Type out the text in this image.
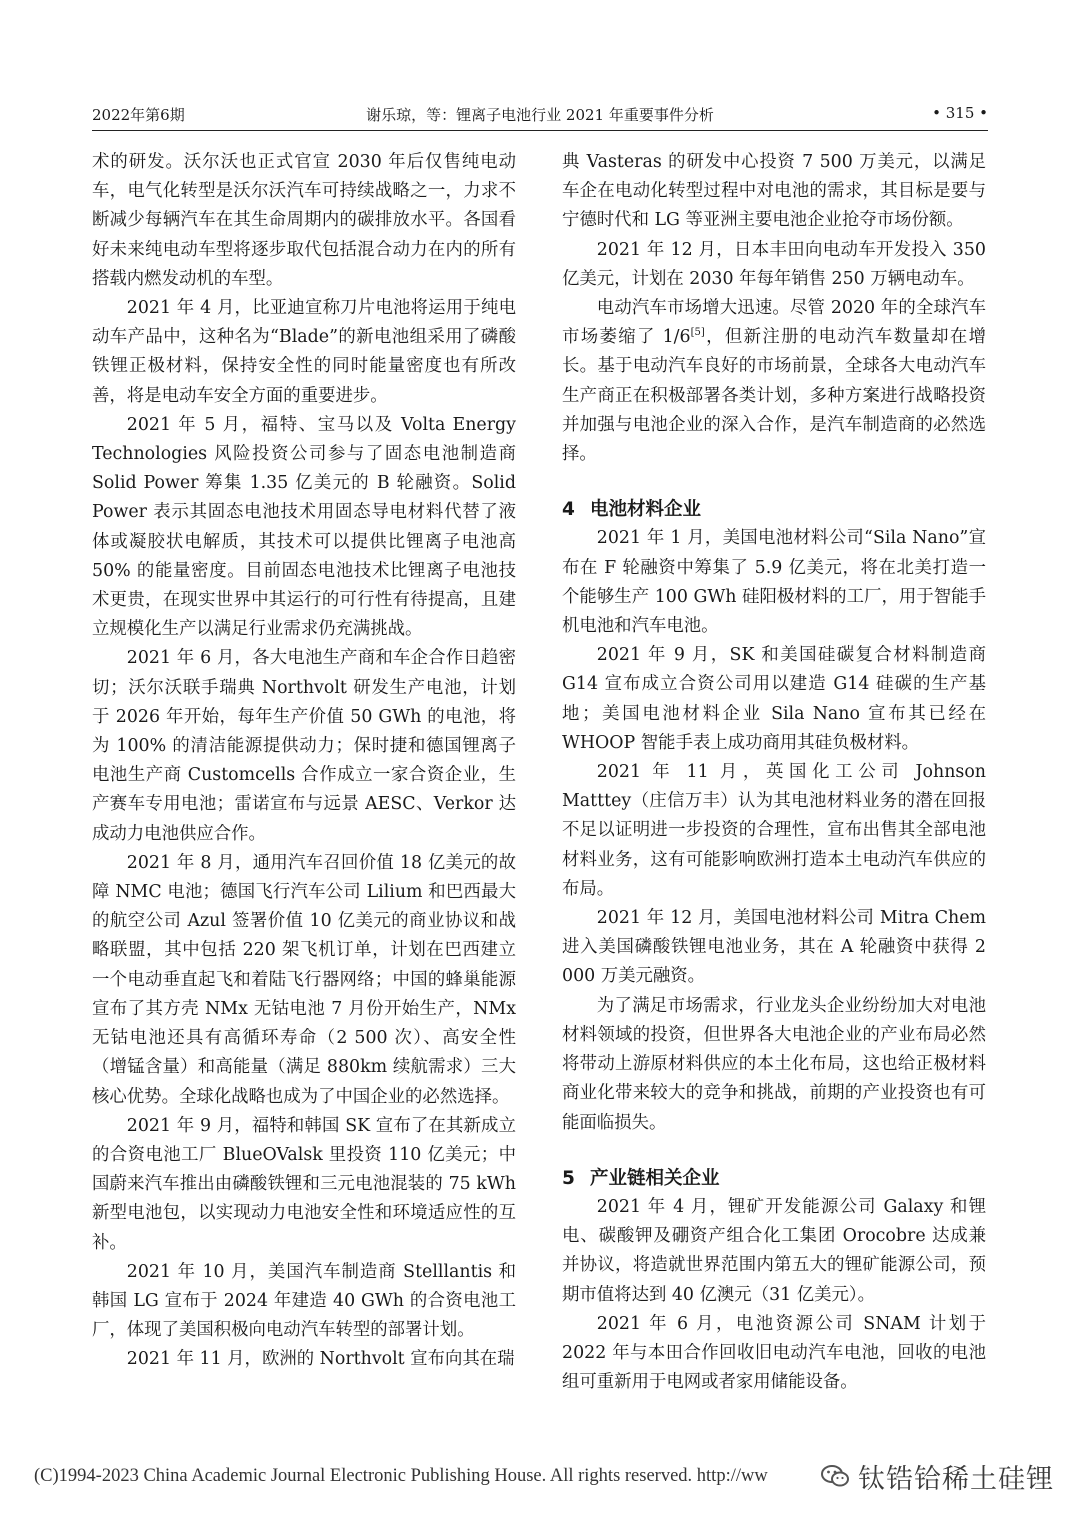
2022年第6期	谢乐琼，等：锂离子电池行业 2021 年重要事件分析	• 315 •

术的研发。沃尔沃也正式官宣 2030 年后仅售纯电动车，电气化转型是沃尔沃汽车可持续战略之一，力求不断减少每辆汽车在其生命周期内的碳排放水平。各国看好未来纯电动车型将逐步取代包括混合动力在内的所有搭载内燃发动机的车型。

2021 年 4 月，比亚迪宣称刀片电池将运用于纯电动车产品中，这种名为“Blade”的新电池组采用了磷酸铁锂正极材料，保持安全性的同时能量密度也有所改善，将是电动车安全方面的重要进步。

2021 年 5 月，福特、宝马以及 Volta Energy Technologies 风险投资公司参与了固态电池制造商 Solid Power 筹集 1.35 亿美元的 B 轮融资。Solid Power 表示其固态电池技术用固态导电材料代替了液体或凝胶状电解质，其技术可以提供比锂离子电池高 50% 的能量密度。目前固态电池技术比锂离子电池技术更贵，在现实世界中其运行的可行性有待提高，且建立规模化生产以满足行业需求仍充满挑战。

2021 年 6 月，各大电池生产商和车企合作日趋密切；沃尔沃联手瑞典 Northvolt 研发生产电池，计划于 2026 年开始，每年生产价值 50 GWh 的电池，将为 100% 的清洁能源提供动力；保时捷和德国锂离子电池生产商 Customcells 合作成立一家合资企业，生产赛车专用电池；雷诺宣布与远景 AESC、Verkor 达成动力电池供应合作。

2021 年 8 月，通用汽车召回价值 18 亿美元的故障 NMC 电池；德国飞行汽车公司 Lilium 和巴西最大的航空公司 Azul 签署价值 10 亿美元的商业协议和战略联盟，其中包括 220 架飞机订单，计划在巴西建立一个电动垂直起飞和着陆飞行器网络；中国的蜂巢能源宣布了其方壳 NMx 无钴电池 7 月份开始生产，NMx 无钴电池还具有高循环寿命（2 500 次）、高安全性（增锰含量）和高能量（满足 880km 续航需求）三大核心优势。全球化战略也成为了中国企业的必然选择。

2021 年 9 月，福特和韩国 SK 宣布了在其新成立的合资电池工厂 BlueOValsk 里投资 110 亿美元；中国蔚来汽车推出由磷酸铁锂和三元电池混装的 75 kWh 新型电池包，以实现动力电池安全性和环境适应性的互补。

2021 年 10 月，美国汽车制造商 Stelllantis 和韩国 LG 宣布于 2024 年建造 40 GWh 的合资电池工厂，体现了美国积极向电动汽车转型的部署计划。

2021 年 11 月，欧洲的 Northvolt 宣布向其在瑞

典 Vasteras 的研发中心投资 7 500 万美元，以满足车企在电动化转型过程中对电池的需求，其目标是要与宁德时代和 LG 等亚洲主要电池企业抢夺市场份额。

2021 年 12 月，日本丰田向电动车开发投入 350 亿美元，计划在 2030 年每年销售 250 万辆电动车。

电动汽车市场增大迅速。尽管 2020 年的全球汽车市场萎缩了 1/6[5]，但新注册的电动汽车数量却在增长。基于电动汽车良好的市场前景，全球各大电动汽车生产商正在积极部署各类计划，多种方案进行战略投资并加强与电池企业的深入合作，是汽车制造商的必然选择。

4 电池材料企业

2021 年 1 月，美国电池材料公司“Sila Nano”宣布在 F 轮融资中筹集了 5.9 亿美元，将在北美打造一个能够生产 100 GWh 硅阳极材料的工厂，用于智能手机电池和汽车电池。

2021 年 9 月，SK 和美国硅碳复合材料制造商 G14 宣布成立合资公司用以建造 G14 硅碳的生产基地；美国电池材料企业 Sila Nano 宣布其已经在 WHOOP 智能手表上成功商用其硅负极材料。

2021 年 11 月，英国化工公司 Johnson Matttey（庄信万丰）认为其电池材料业务的潜在回报不足以证明进一步投资的合理性，宣布出售其全部电池材料业务，这有可能影响欧洲打造本土电动汽车供应的布局。

2021 年 12 月，美国电池材料公司 Mitra Chem 进入美国磷酸铁锂电池业务，其在 A 轮融资中获得 2 000 万美元融资。

为了满足市场需求，行业龙头企业纷纷加大对电池材料领域的投资，但世界各大电池企业的产业布局必然将带动上游原材料供应的本土化布局，这也给正极材料商业化带来较大的竞争和挑战，前期的产业投资也有可能面临损失。

5 产业链相关企业

2021 年 4 月，锂矿开发能源公司 Galaxy 和锂电、碳酸钾及硼资产组合化工集团 Orocobre 达成兼并协议，将造就世界范围内第五大的锂矿能源公司，预期市值将达到 40 亿澳元（31 亿美元）。

2021 年 6 月，电池资源公司 SNAM 计划于 2022 年与本田合作回收旧电动汽车电池，回收的电池组可重新用于电网或者家用储能设备。

(C)1994-2023 China Academic Journal Electronic Publishing House. All rights reserved. http://ww	钛锆铪稀土硅锂
